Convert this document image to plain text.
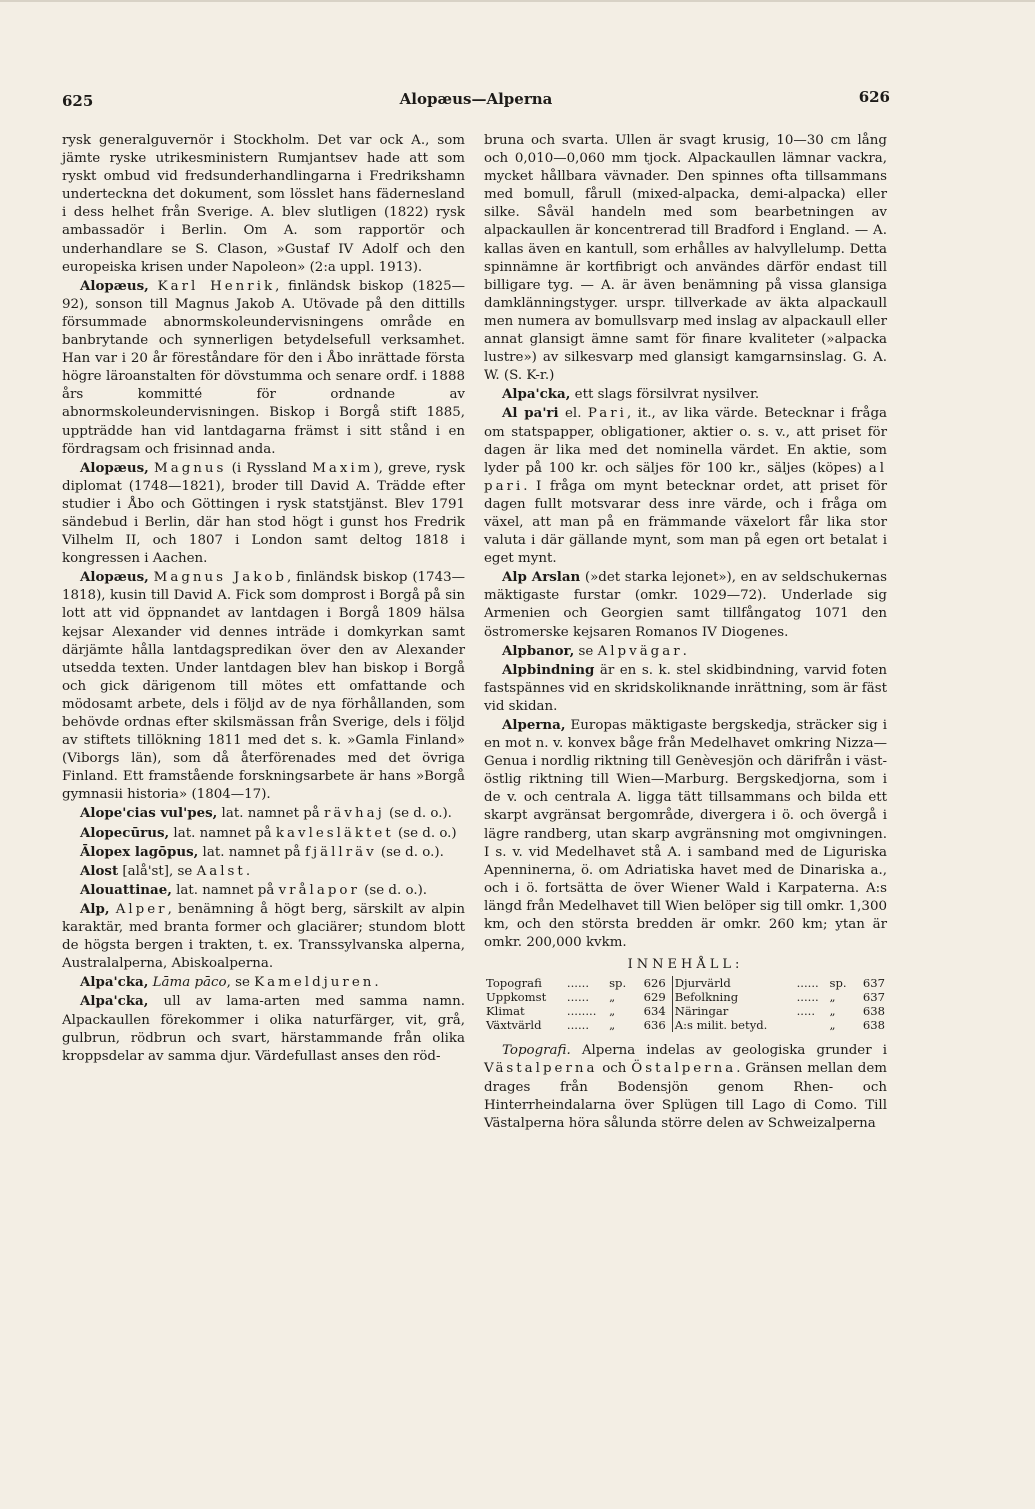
625	Alopæus—Alperna	626

rysk generalguvernör i Stockholm. Det var ock A., som jämte ryske utrikesministern Rumjantsev hade att som ryskt ombud vid fredsunderhandlingarna i Fredrikshamn underteckna det dokument, som lösslet hans fädernesland i dess helhet från Sverige. A. blev slutligen (1822) rysk ambassadör i Berlin. Om A. som rapportör och underhandlare se S. Clason, »Gustaf IV Adolf och den europeiska krisen under Napoleon» (2:a uppl. 1913).

Alopæus, Karl Henrik, finländsk biskop (1825—92), sonson till Magnus Jakob A. Utövade på den dittills försummade abnormskoleundervisningens område en banbrytande och synnerligen betydelsefull verksamhet. Han var i 20 år föreståndare för den i Åbo inrättade första högre läroanstalten för dövstumma och senare ordf. i 1888 års kommitté för ordnande av abnormskoleundervisningen. Biskop i Borgå stift 1885, uppträdde han vid lantdagarna främst i sitt stånd i en fördragsam och frisinnad anda.

Alopæus, Magnus (i Ryssland Maxim), greve, rysk diplomat (1748—1821), broder till David A. Trädde efter studier i Åbo och Göttingen i rysk statstjänst. Blev 1791 sändebud i Berlin, där han stod högt i gunst hos Fredrik Vilhelm II, och 1807 i London samt deltog 1818 i kongressen i Aachen.

Alopæus, Magnus Jakob, finländsk biskop (1743—1818), kusin till David A. Fick som domprost i Borgå på sin lott att vid öppnandet av lantdagen i Borgå 1809 hälsa kejsar Alexander vid dennes inträde i domkyrkan samt därjämte hålla lantdagspredikan över den av Alexander utsedda texten. Under lantdagen blev han biskop i Borgå och gick därigenom till mötes ett omfattande och mödosamt arbete, dels i följd av de nya förhållanden, som behövde ordnas efter skilsmässan från Sverige, dels i följd av stiftets tillökning 1811 med det s. k. »Gamla Finland» (Viborgs län), som då återförenades med det övriga Finland. Ett framstående forskningsarbete är hans »Borgå gymnasii historia» (1804—17).

Alope'cias vul'pes, lat. namnet på rävhaj (se d. o.).

Alopecūrus, lat. namnet på kavlesläktet (se d. o.)

Ālopex lagōpus, lat. namnet på fjällräv (se d. o.).

Alost [alå'st], se Aalst.

Alouattinae, lat. namnet på vrålapor (se d. o.).

Alp, Alper, benämning å högt berg, särskilt av alpin karaktär, med branta former och glaciärer; stundom blott de högsta bergen i trakten, t. ex. Transsylvanska alperna, Australalperna, Abiskoalperna.

Alpa'cka, Lāma pāco, se Kameldjuren.

Alpa'cka, ull av lama-arten med samma namn. Alpackaullen förekommer i olika naturfärger, vit, grå, gulbrun, rödbrun och svart, härstammande från olika kroppsdelar av samma djur. Värdefullast anses den röd-

bruna och svarta. Ullen är svagt krusig, 10—30 cm lång och 0,010—0,060 mm tjock. Alpackaullen lämnar vackra, mycket hållbara vävnader. Den spinnes ofta tillsammans med bomull, fårull (mixed-alpacka, demi-alpacka) eller silke. Såväl handeln med som bearbetningen av alpackaullen är koncentrerad till Bradford i England. — A. kallas även en kantull, som erhålles av halvyllelump. Detta spinnämne är kortfibrigt och användes därför endast till billigare tyg. — A. är även benämning på vissa glansiga damklänningstyger. urspr. tillverkade av äkta alpackaull men numera av bomullsvarp med inslag av alpackaull eller annat glansigt ämne samt för finare kvaliteter (»alpacka lustre») av silkesvarp med glansigt kamgarnsinslag. G. A. W. (S. K-r.)

Alpa'cka, ett slags försilvrat nysilver.

Al pa'ri el. Pari, it., av lika värde. Betecknar i fråga om statspapper, obligationer, aktier o. s. v., att priset för dagen är lika med det nominella värdet. En aktie, som lyder på 100 kr. och säljes för 100 kr., säljes (köpes) al pari. I fråga om mynt betecknar ordet, att priset för dagen fullt motsvarar dess inre värde, och i fråga om växel, att man på en främmande växelort får lika stor valuta i där gällande mynt, som man på egen ort betalat i eget mynt.

Alp Arslan (»det starka lejonet»), en av seldschukernas mäktigaste furstar (omkr. 1029—72). Underlade sig Armenien och Georgien samt tillfångatog 1071 den östromerske kejsaren Romanos IV Diogenes.

Alpbanor, se Alpvägar.

Alpbindning är en s. k. stel skidbindning, varvid foten fastspännes vid en skridskoliknande inrättning, som är fäst vid skidan.

Alperna, Europas mäktigaste bergskedja, sträcker sig i en mot n. v. konvex båge från Medelhavet omkring Nizza—Genua i nordlig riktning till Genèvesjön och därifrån i väst-östlig riktning till Wien—Marburg. Bergskedjorna, som i de v. och centrala A. ligga tätt tillsammans och bilda ett skarpt avgränsat bergområde, divergera i ö. och övergå i lägre randberg, utan skarp avgränsning mot omgivningen. I s. v. vid Medelhavet stå A. i samband med de Liguriska Apenninerna, ö. om Adriatiska havet med de Dinariska a., och i ö. fortsätta de över Wiener Wald i Karpaterna. A:s längd från Medelhavet till Wien belöper sig till omkr. 1,300 km, och den största bredden är omkr. 260 km; ytan är omkr. 200,000 kvkm.

INNEHÅLL:
Topografi	......	sp.	626	Djurvärld	......	sp.	637
Uppkomst	......	„	629	Befolkning	......	„	637
Klimat	........	„	634	Näringar	.....	„	638
Växtvärld	......	„	636	A:s milit. betyd.		„	638

Topografi. Alperna indelas av geologiska grunder i Västalperna och Östalperna. Gränsen mellan dem drages från Bodensjön genom Rhen- och Hinterrheindalarna över Splügen till Lago di Como. Till Västalperna höra sålunda större delen av Schweizalperna
